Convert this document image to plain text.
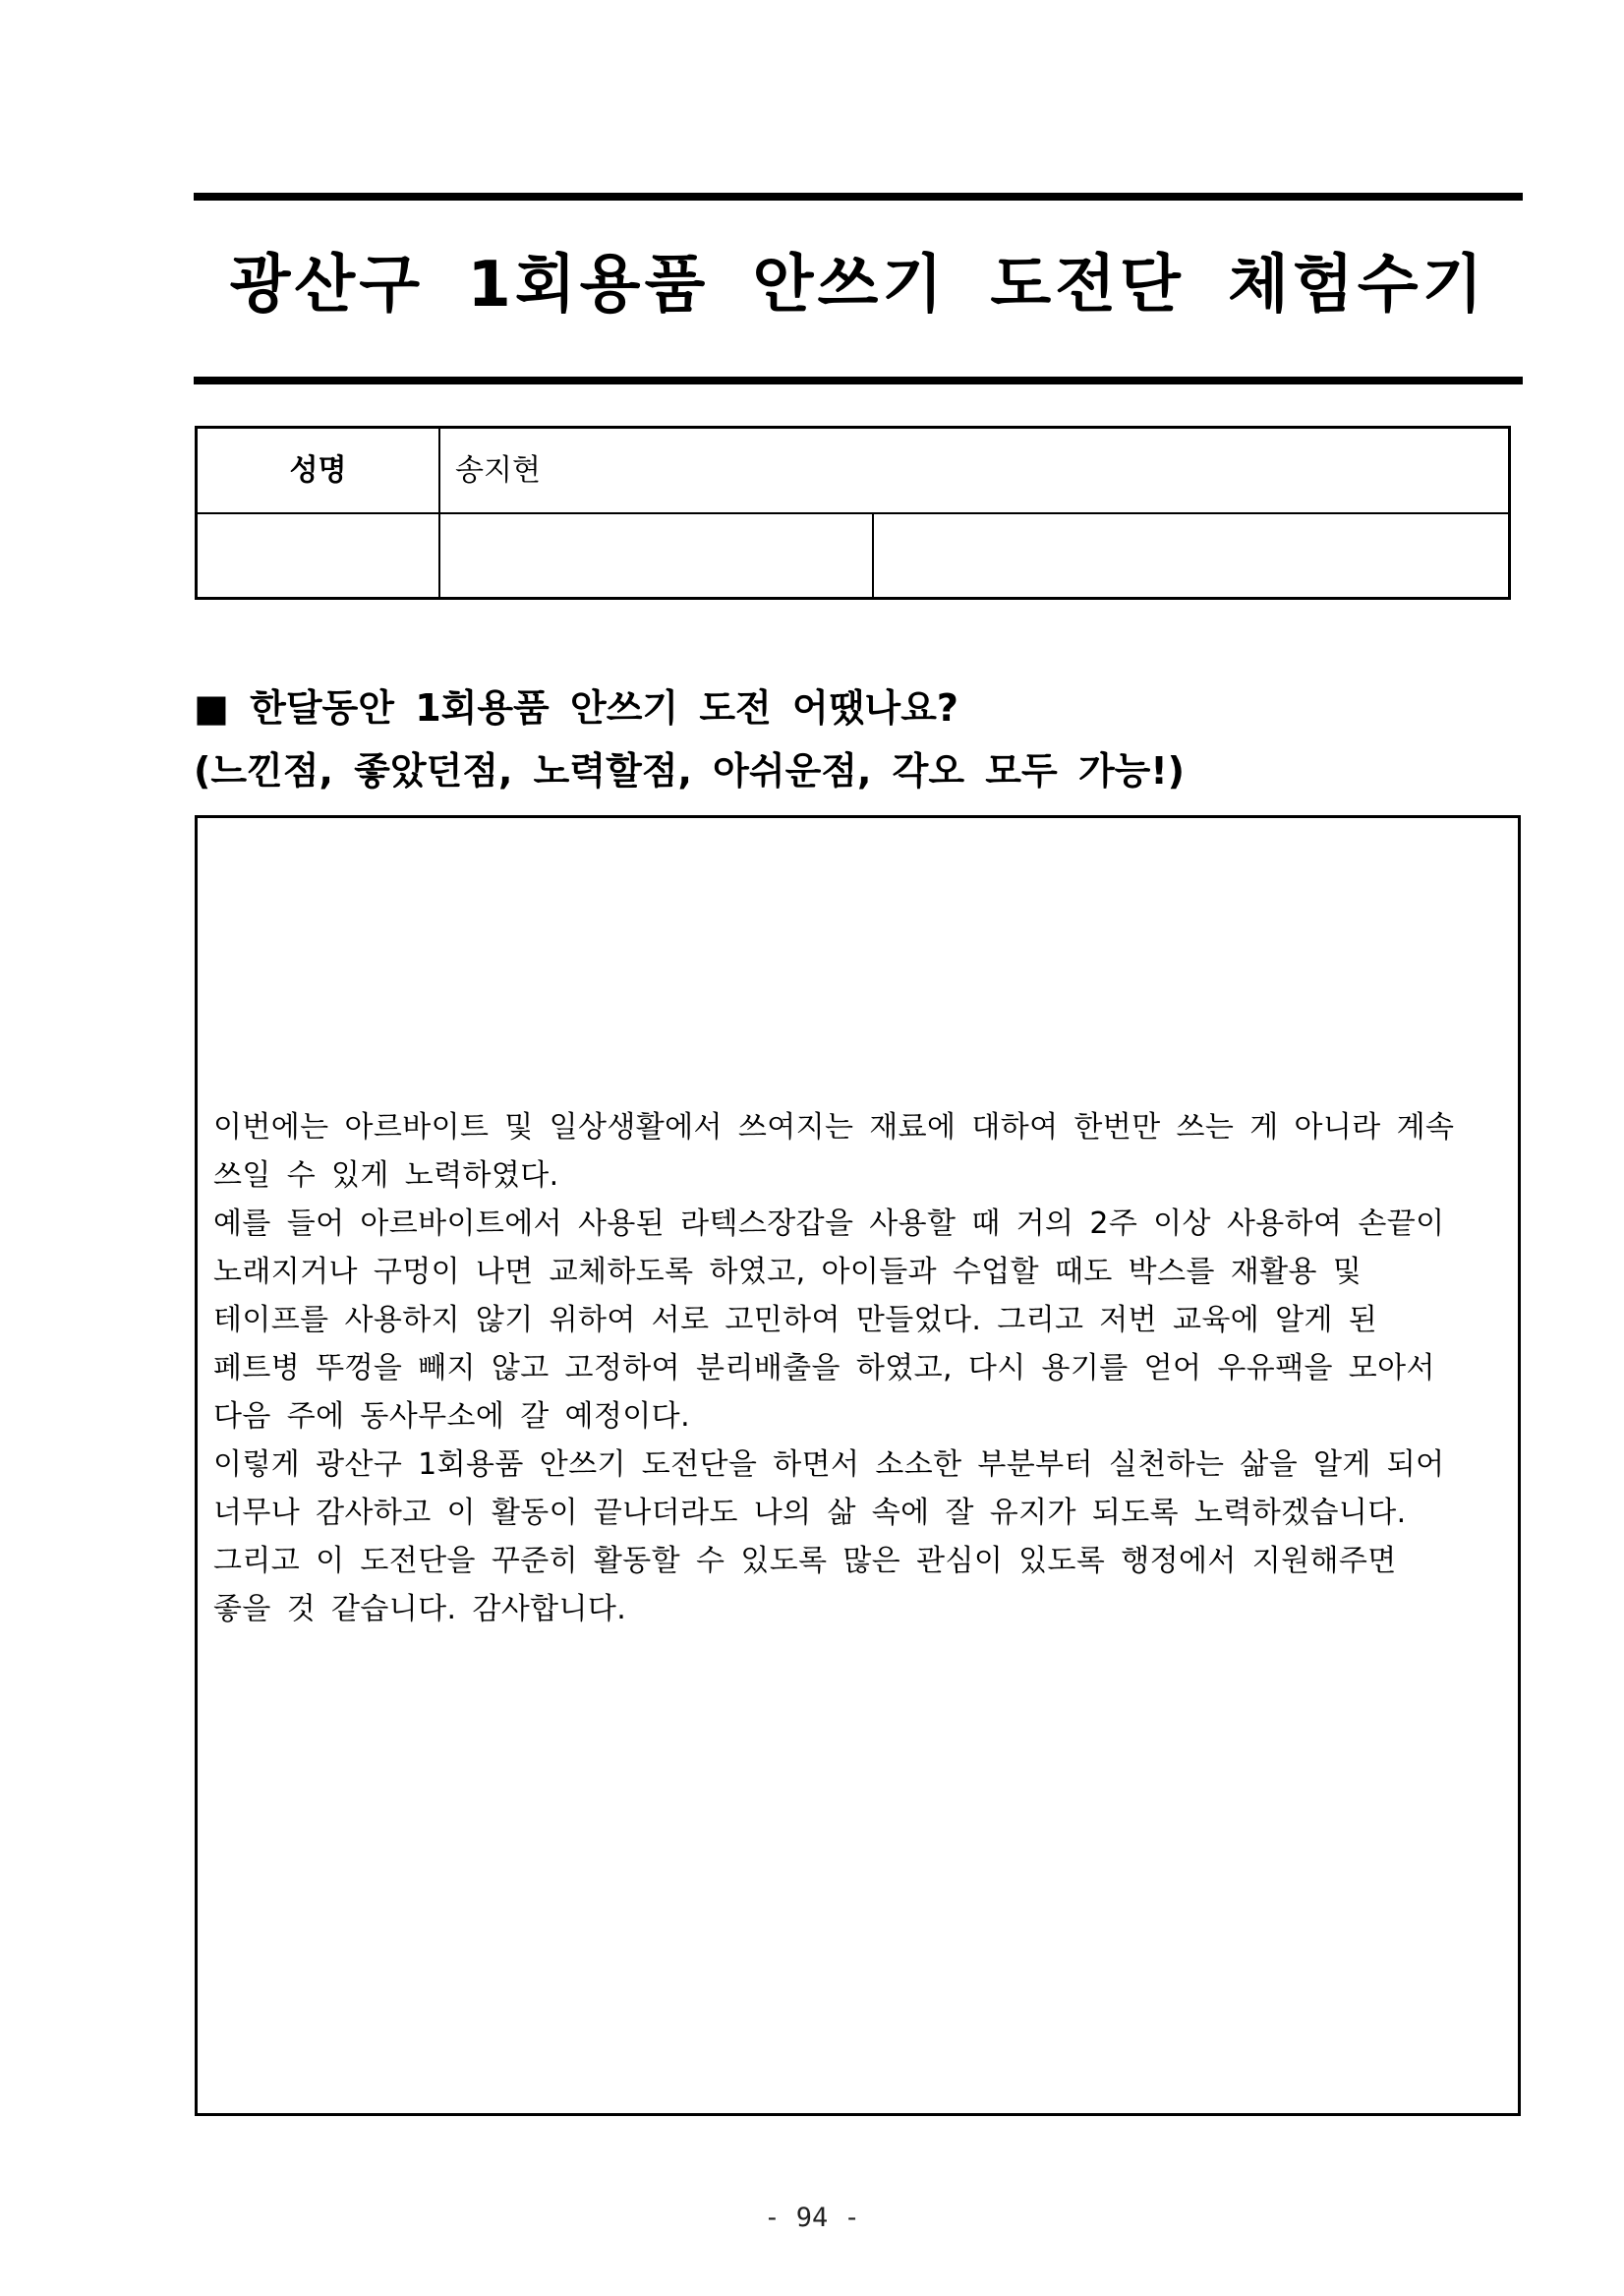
광산구 1회용품 안쓰기 도전단 체험수기
성명	송지현
■ 한달동안 1회용품 안쓰기 도전 어땠나요?
(느낀점, 좋았던점, 노력할점, 아쉬운점, 각오 모두 가능!)
이번에는 아르바이트 및 일상생활에서 쓰여지는 재료에 대하여 한번만 쓰는 게 아니라 계속
쓰일 수 있게 노력하였다.
예를 들어 아르바이트에서 사용된 라텍스장갑을 사용할 때 거의 2주 이상 사용하여 손끝이
노래지거나 구멍이 나면 교체하도록 하였고, 아이들과 수업할 때도 박스를 재활용 및
테이프를 사용하지 않기 위하여 서로 고민하여 만들었다. 그리고 저번 교육에 알게 된
페트병 뚜껑을 빼지 않고 고정하여 분리배출을 하였고, 다시 용기를 얻어 우유팩을 모아서
다음 주에 동사무소에 갈 예정이다.
이렇게 광산구 1회용품 안쓰기 도전단을 하면서 소소한 부분부터 실천하는 삶을 알게 되어
너무나 감사하고 이 활동이 끝나더라도 나의 삶 속에 잘 유지가 되도록 노력하겠습니다.
그리고 이 도전단을 꾸준히 활동할 수 있도록 많은 관심이 있도록 행정에서 지원해주면
좋을 것 같습니다. 감사합니다.
- 94 -
